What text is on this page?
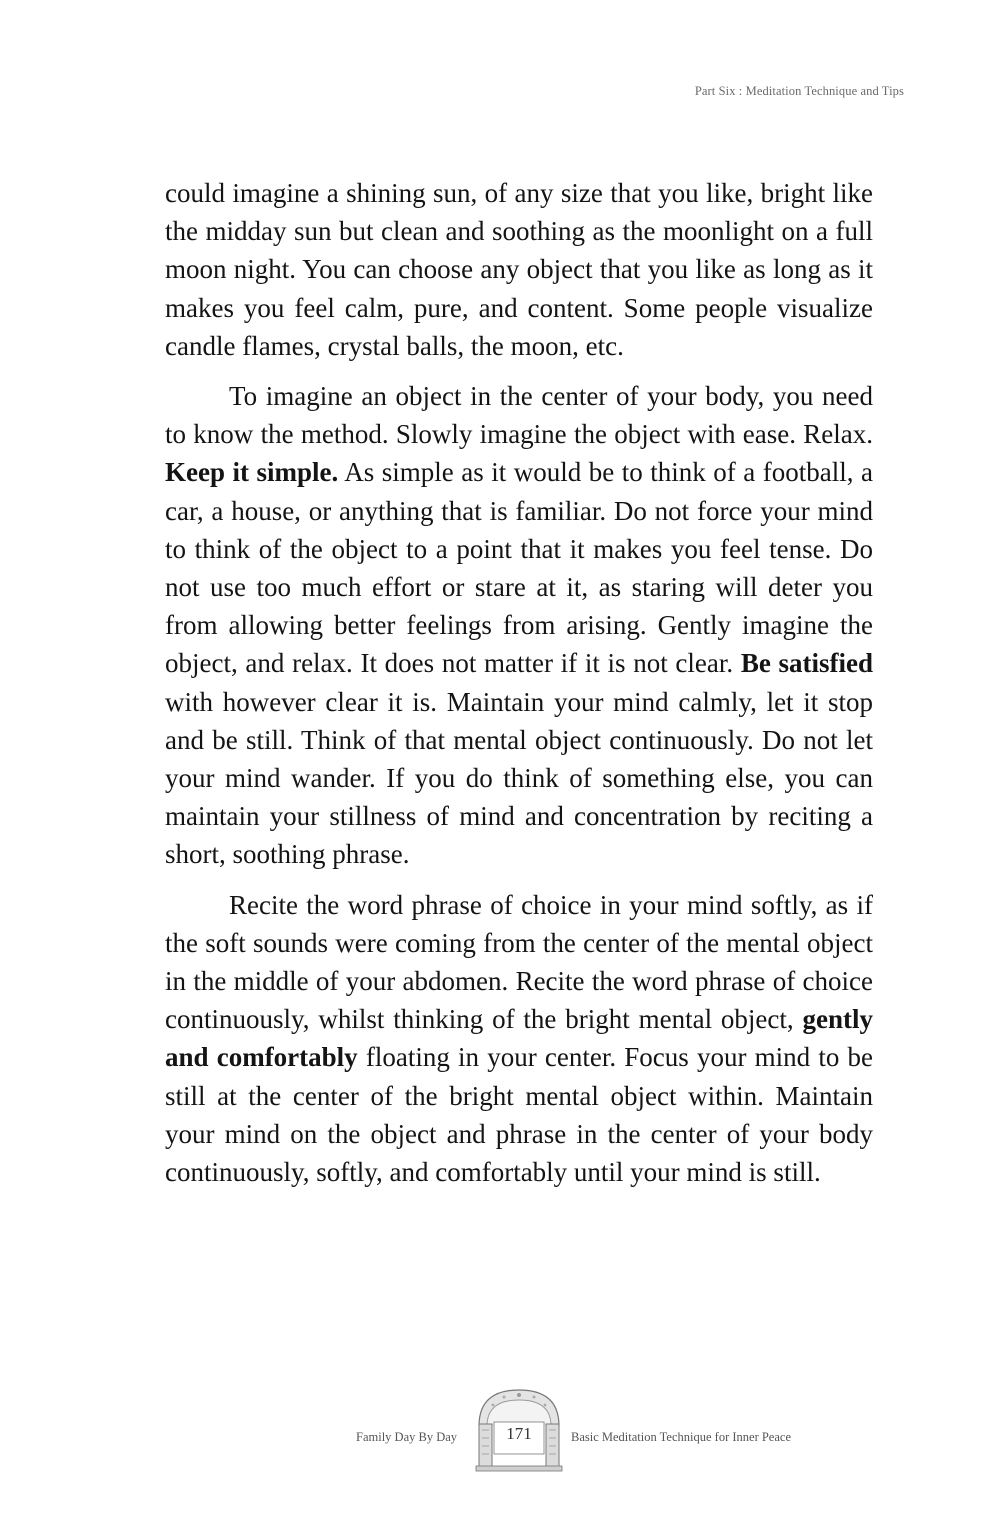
Part Six : Meditation Technique and Tips

could imagine a shining sun, of any size that you like, bright like the midday sun but clean and soothing as the moonlight on a full moon night. You can choose any object that you like as long as it makes you feel calm, pure, and content. Some people visualize candle flames, crystal balls, the moon, etc.

To imagine an object in the center of your body, you need to know the method. Slowly imagine the object with ease. Relax. Keep it simple. As simple as it would be to think of a football, a car, a house, or anything that is familiar. Do not force your mind to think of the object to a point that it makes you feel tense. Do not use too much effort or stare at it, as staring will deter you from allowing better feelings from arising. Gently imagine the object, and relax. It does not matter if it is not clear. Be satisfied with however clear it is. Maintain your mind calmly, let it stop and be still. Think of that mental object continuously. Do not let your mind wander. If you do think of something else, you can maintain your stillness of mind and concentration by reciting a short, soothing phrase.

Recite the word phrase of choice in your mind softly, as if the soft sounds were coming from the center of the mental object in the middle of your abdomen. Recite the word phrase of choice continuously, whilst thinking of the bright mental object, gently and comfortably floating in your center. Focus your mind to be still at the center of the bright mental object within. Maintain your mind on the object and phrase in the center of your body continuously, softly, and comfortably until your mind is still.

Family Day By Day	171	Basic Meditation Technique for Inner Peace
